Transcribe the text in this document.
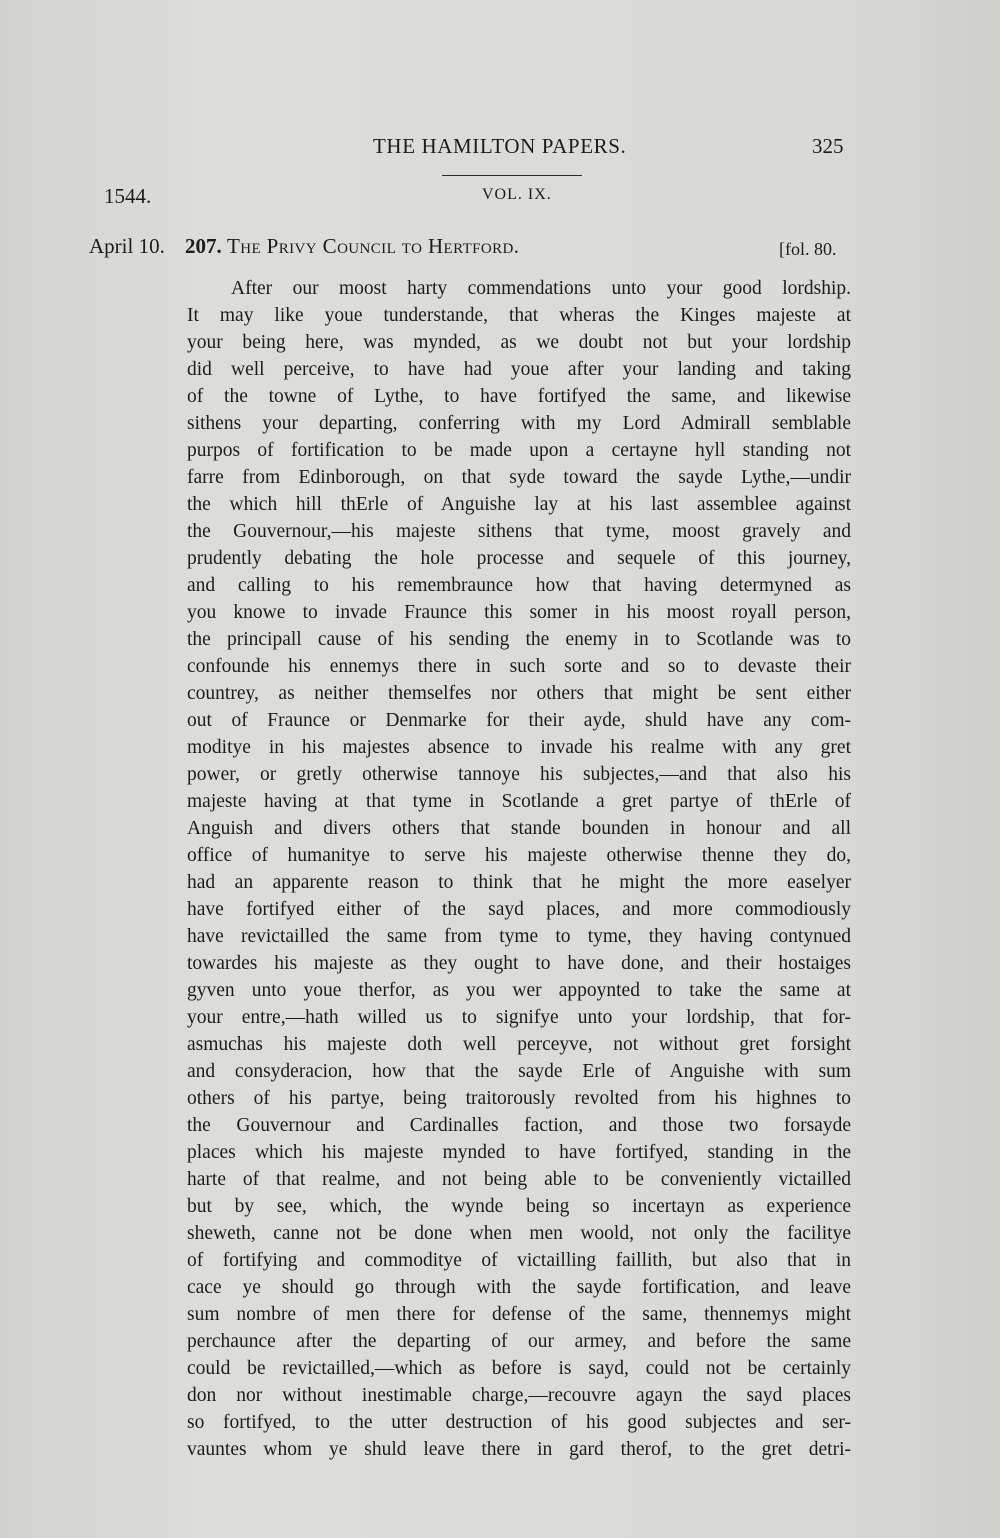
THE HAMILTON PAPERS.	325
1544.	VOL. IX.
April 10. 207. The Privy Council to Hertford.	[fol. 80.
After our moost harty commendations unto your good lordship.
It may like youe tunderstande, that wheras the Kinges majeste at
your being here, was mynded, as we doubt not but your lordship
did well perceive, to have had youe after your landing and taking
of the towne of Lythe, to have fortifyed the same, and likewise
sithens your departing, conferring with my Lord Admirall semblable
purpos of fortification to be made upon a certayne hyll standing not
farre from Edinborough, on that syde toward the sayde Lythe,—undir
the which hill thErle of Anguishe lay at his last assemblee against
the Gouvernour,—his majeste sithens that tyme, moost gravely and
prudently debating the hole processe and sequele of this journey,
and calling to his remembraunce how that having determyned as
you knowe to invade Fraunce this somer in his moost royall person,
the principall cause of his sending the enemy in to Scotlande was to
confounde his ennemys there in such sorte and so to devaste their
countrey, as neither themselfes nor others that might be sent either
out of Fraunce or Denmarke for their ayde, shuld have any com-
moditye in his majestes absence to invade his realme with any gret
power, or gretly otherwise tannoye his subjectes,—and that also his
majeste having at that tyme in Scotlande a gret partye of thErle of
Anguish and divers others that stande bounden in honour and all
office of humanitye to serve his majeste otherwise thenne they do,
had an apparente reason to think that he might the more easelyer
have fortifyed either of the sayd places, and more commodiously
have revictailled the same from tyme to tyme, they having contynued
towardes his majeste as they ought to have done, and their hostaiges
gyven unto youe therfor, as you wer appoynted to take the same at
your entre,—hath willed us to signifye unto your lordship, that for-
asmuchas his majeste doth well perceyve, not without gret forsight
and consyderacion, how that the sayde Erle of Anguishe with sum
others of his partye, being traitorously revolted from his highnes to
the Gouvernour and Cardinalles faction, and those two forsayde
places which his majeste mynded to have fortifyed, standing in the
harte of that realme, and not being able to be conveniently victailled
but by see, which, the wynde being so incertayn as experience
sheweth, canne not be done when men woold, not only the facilitye
of fortifying and commoditye of victailling faillith, but also that in
cace ye should go through with the sayde fortification, and leave
sum nombre of men there for defense of the same, thennemys might
perchaunce after the departing of our armey, and before the same
could be revictailled,—which as before is sayd, could not be certainly
don nor without inestimable charge,—recouvre agayn the sayd places
so fortifyed, to the utter destruction of his good subjectes and ser-
vauntes whom ye shuld leave there in gard therof, to the gret detri-
